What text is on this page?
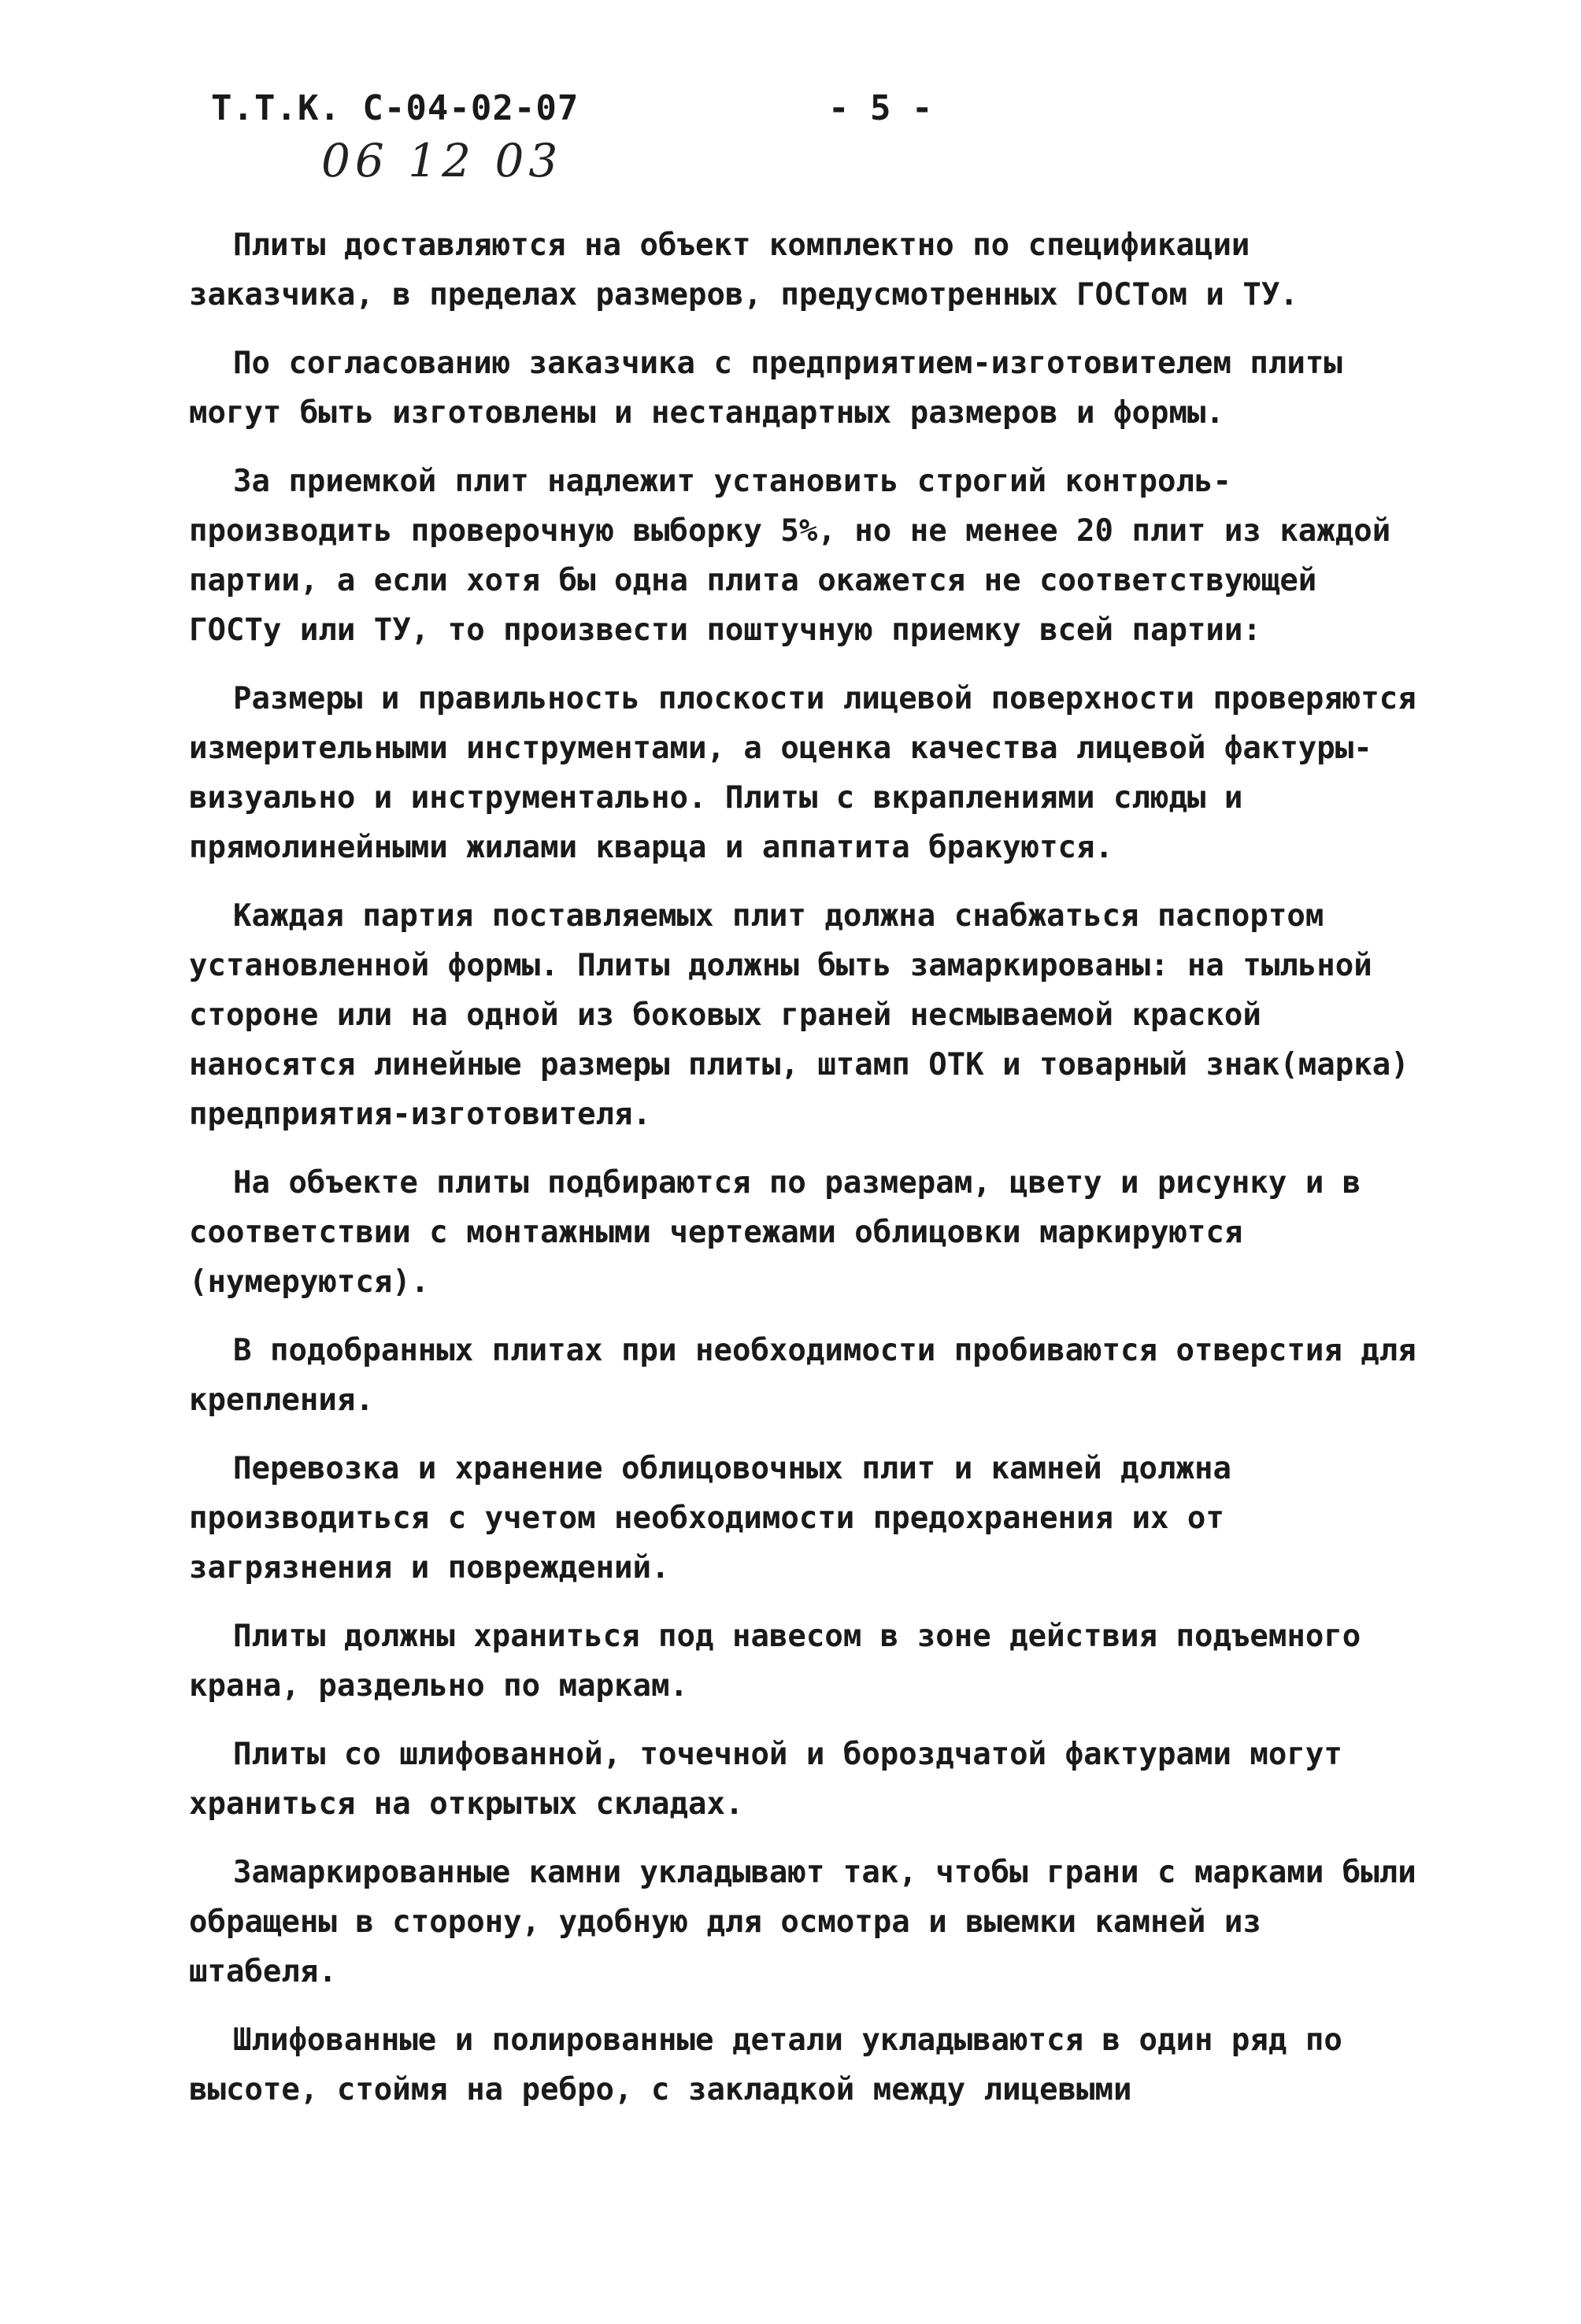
Т.Т.К. С-04-02-07	- 5 -
06 12 03

Плиты доставляются на объект комплектно по спецификации заказчика, в пределах размеров, предусмотренных ГОСТом и ТУ.

По согласованию заказчика с предприятием-изготовителем плиты могут быть изготовлены и нестандартных размеров и формы.

За приемкой плит надлежит установить строгий контроль-производить проверочную выборку 5%, но не менее 20 плит из каждой партии, а если хотя бы одна плита окажется не соответствующей ГОСТу или ТУ, то произвести поштучную приемку всей партии:

Размеры и правильность плоскости лицевой поверхности проверяются измерительными инструментами, а оценка качества лицевой фактуры-визуально и инструментально. Плиты с вкраплениями слюды и прямолинейными жилами кварца и аппатита бракуются.

Каждая партия поставляемых плит должна снабжаться паспортом установленной формы. Плиты должны быть замаркированы: на тыльной стороне или на одной из боковых граней несмываемой краской наносятся линейные размеры плиты, штамп ОТК и товарный знак(марка) предприятия-изготовителя.

На объекте плиты подбираются по размерам, цвету и рисунку и в соответствии с монтажными чертежами облицовки маркируются (нумеруются).

В подобранных плитах при необходимости пробиваются отверстия для крепления.

Перевозка и хранение облицовочных плит и камней должна производиться с учетом необходимости предохранения их от загрязнения и повреждений.

Плиты должны храниться под навесом в зоне действия подъемного крана, раздельно по маркам.

Плиты со шлифованной, точечной и бороздчатой фактурами могут храниться на открытых складах.

Замаркированные камни укладывают так, чтобы грани с марками были обращены в сторону, удобную для осмотра и выемки камней из штабеля.

Шлифованные и полированные детали укладываются в один ряд по высоте, стоймя на ребро, с закладкой между лицевыми
